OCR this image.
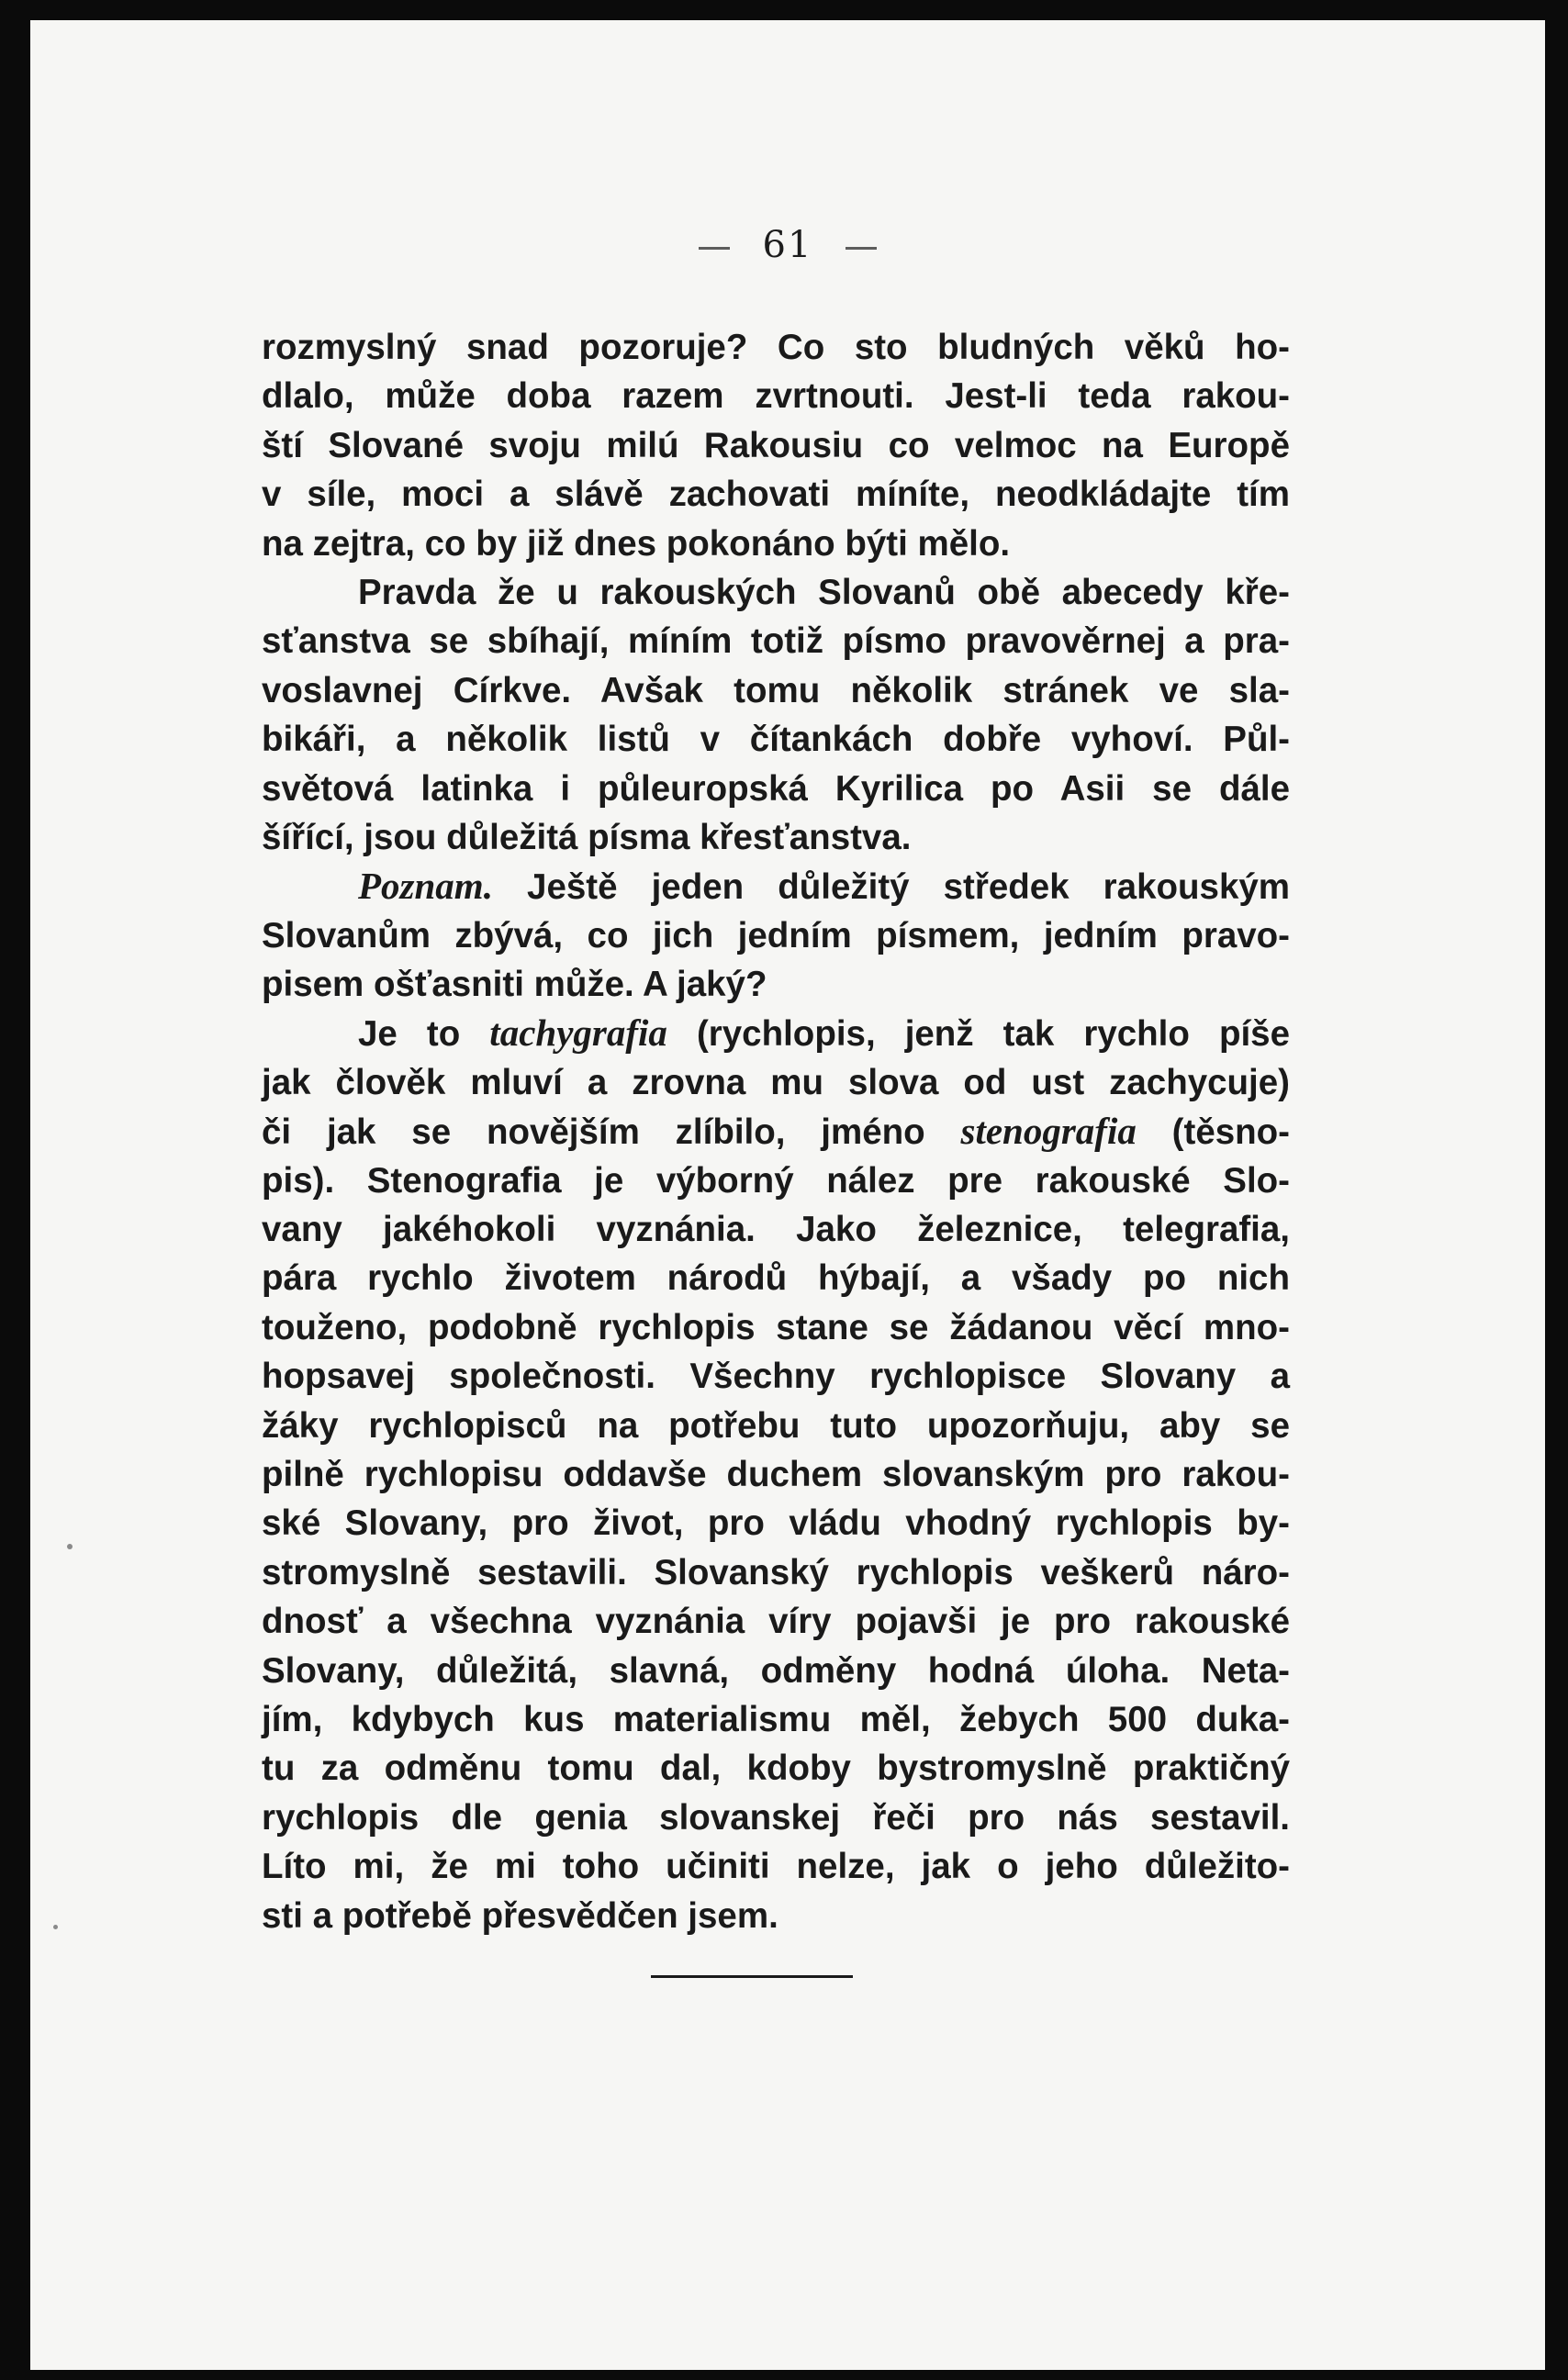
61
rozmyslný snad pozoruje? Co sto bludných věků ho-
dlalo, může doba razem zvrtnouti. Jest-li teda rakou-
ští Slované svoju milú Rakousiu co velmoc na Europě
v síle, moci a slávě zachovati míníte, neodkládajte tím
na zejtra, co by již dnes pokonáno býti mělo.
Pravda že u rakouských Slovanů obě abecedy kře-
sťanstva se sbíhají, míním totiž písmo pravověrnej a pra-
voslavnej Církve. Avšak tomu několik stránek ve sla-
bikáři, a několik listů v čítankách dobře vyhoví. Půl-
světová latinka i půleuropská Kyrilica po Asii se dále
šířící, jsou důležitá písma křesťanstva.
Poznam. Ještě jeden důležitý středek rakouským
Slovanům zbývá, co jich jedním písmem, jedním pravo-
pisem ošťasniti může. A jaký?
Je to tachygrafia (rychlopis, jenž tak rychlo píše
jak člověk mluví a zrovna mu slova od ust zachycuje)
či jak se novějším zlíbilo, jméno stenografia (těsno-
pis). Stenografia je výborný nález pre rakouské Slo-
vany jakéhokoli vyznánia. Jako železnice, telegrafia,
pára rychlo životem národů hýbají, a všady po nich
touženo, podobně rychlopis stane se žádanou věcí mno-
hopsavej společnosti. Všechny rychlopisce Slovany a
žáky rychlopisců na potřebu tuto upozorňuju, aby se
pilně rychlopisu oddavše duchem slovanským pro rakou-
ské Slovany, pro život, pro vládu vhodný rychlopis by-
stromyslně sestavili. Slovanský rychlopis veškerů náro-
dnosť a všechna vyznánia víry pojavši je pro rakouské
Slovany, důležitá, slavná, odměny hodná úloha. Neta-
jím, kdybych kus materialismu měl, žebych 500 duka-
tu za odměnu tomu dal, kdoby bystromyslně praktičný
rychlopis dle genia slovanskej řeči pro nás sestavil.
Líto mi, že mi toho učiniti nelze, jak o jeho důležito-
sti a potřebě přesvědčen jsem.
